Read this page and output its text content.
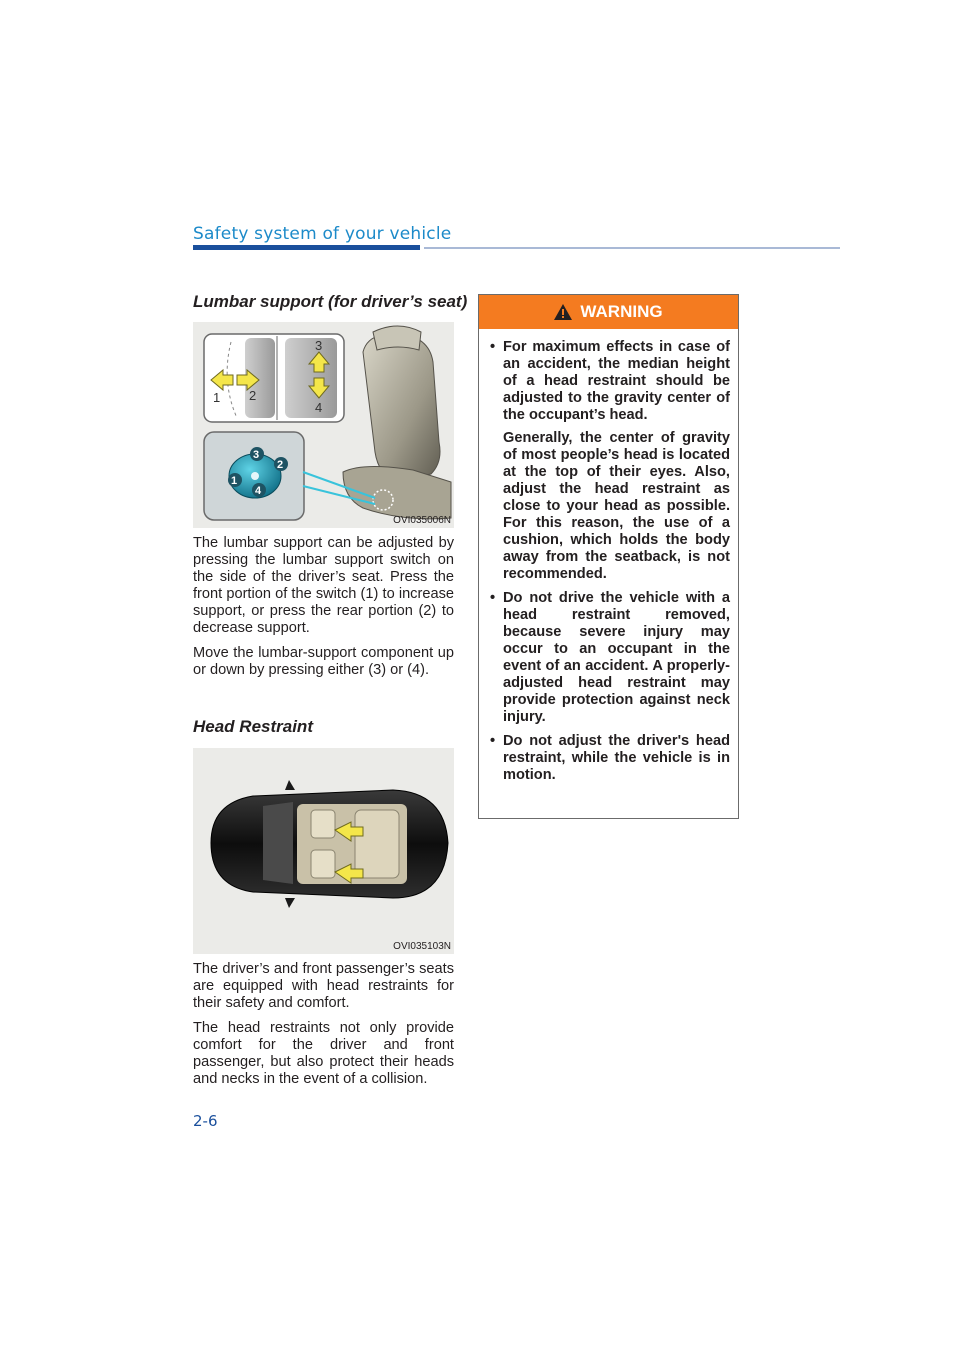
Safety system of your vehicle
Lumbar support (for driver’s seat)
1 2
3
4
3
2
1
4
OVI035006N

The lumbar support can be adjusted by pressing the lumbar support switch on the side of the driver’s seat. Press the front portion of the switch (1) to increase support, or press the rear portion (2) to decrease support.

Move the lumbar-support component up or down by pressing either (3) or (4).

Head Restraint
OVI035103N

The driver’s and front passenger’s seats are equipped with head restraints for their safety and comfort.

The head restraints not only provide comfort for the driver and front passenger, but also protect their heads and necks in the event of a collision.

WARNING
• For maximum effects in case of an accident, the median height of a head restraint should be adjusted to the gravity center of the occupant’s head.

Generally, the center of gravity of most people’s head is located at the top of their eyes. Also, adjust the head restraint as close to your head as possible. For this reason, the use of a cushion, which holds the body away from the seatback, is not recommended.

• Do not drive the vehicle with a head restraint removed, because severe injury may occur to an occupant in the event of an accident. A properly-adjusted head restraint may provide protection against neck injury.

• Do not adjust the driver's head restraint, while the vehicle is in motion.

2-6
